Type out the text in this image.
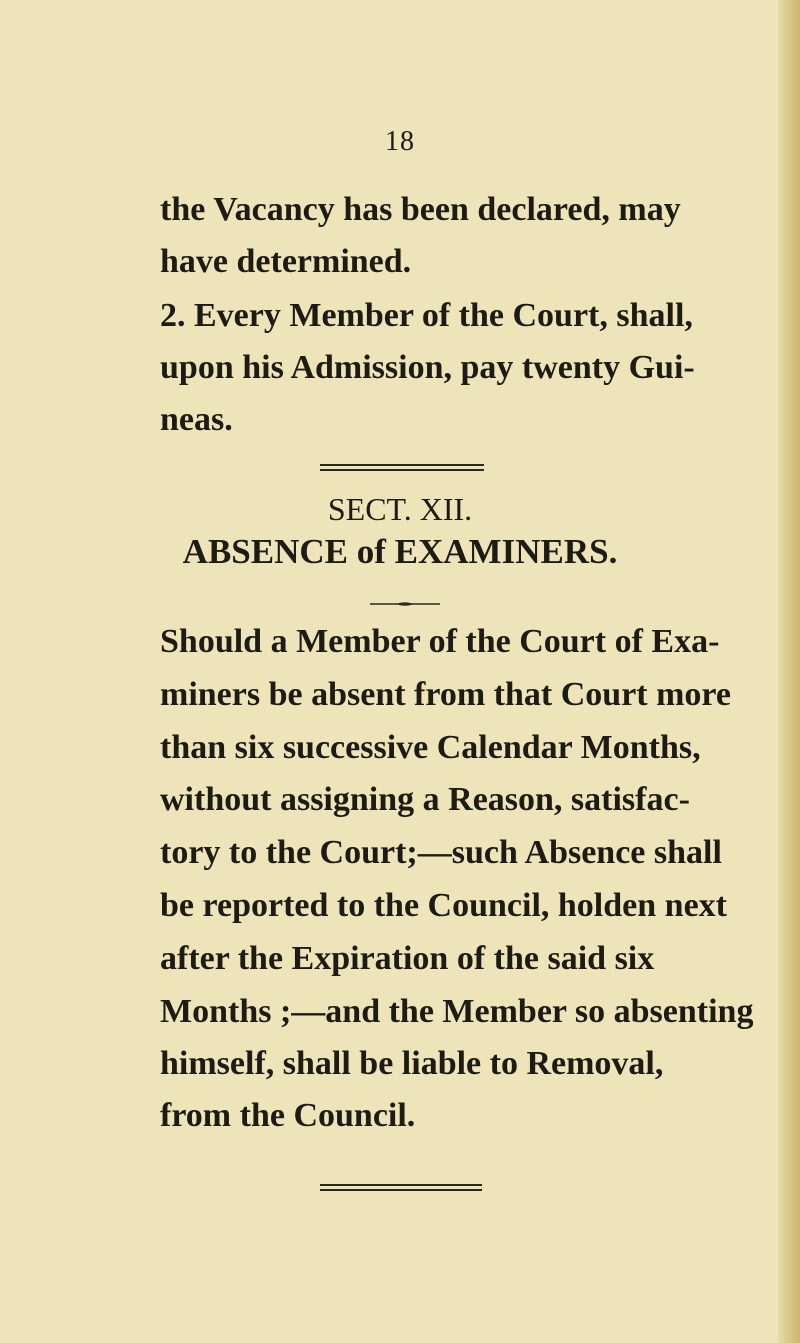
18
the Vacancy has been declared, may
have determined.
2. Every Member of the Court, shall,
upon his Admission, pay twenty Gui-
neas.
SECT. XII.
ABSENCE of EXAMINERS.
Should a Member of the Court of Exa-
miners be absent from that Court more
than six successive Calendar Months,
without assigning a Reason, satisfac-
tory to the Court;—such Absence shall
be reported to the Council, holden next
after the Expiration of the said six
Months ;—and the Member so absenting
himself, shall be liable to Removal,
from the Council.
